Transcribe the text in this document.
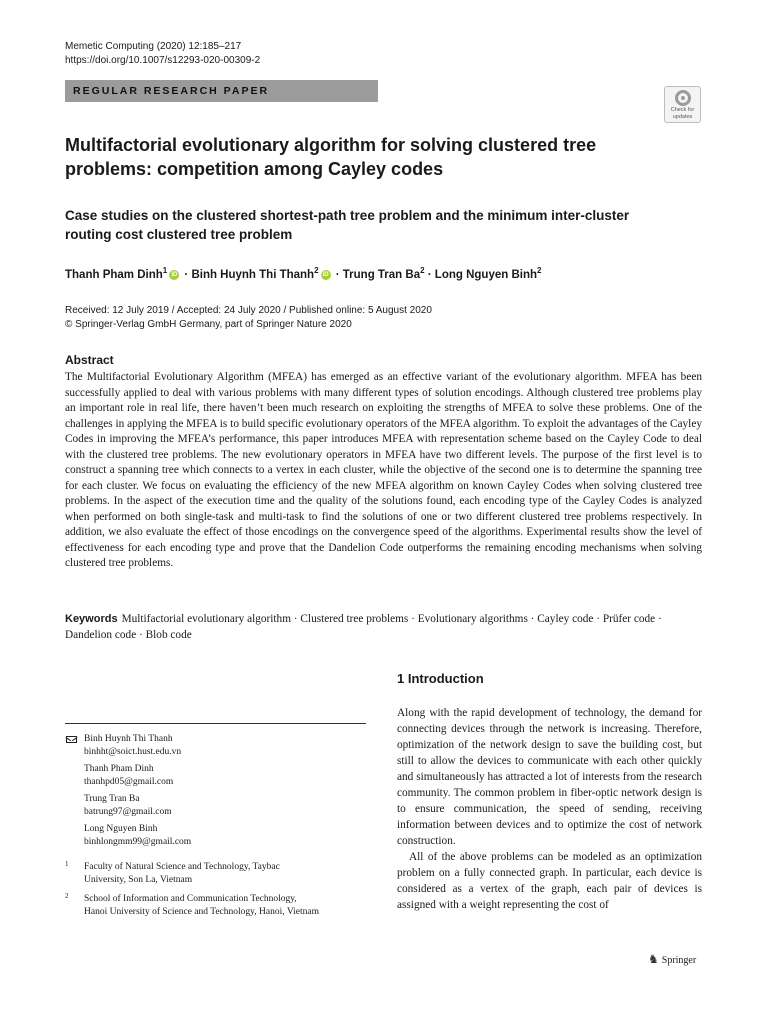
Memetic Computing (2020) 12:185–217
https://doi.org/10.1007/s12293-020-00309-2
REGULAR RESEARCH PAPER
Check for
updates
Multifactorial evolutionary algorithm for solving clustered tree
problems: competition among Cayley codes
Case studies on the clustered shortest-path tree problem and the minimum inter-cluster
routing cost clustered tree problem
Thanh Pham Dinh$^1$ iD · Binh Huynh Thi Thanh$^2$ iD · Trung Tran $Ba^2$ · Long Nguyen Binh$^2$
Received: 12 July 2019 / Accepted: 24 July 2020 / Published online: 5 August 2020
© Springer-Verlag GmbH Germany, part of Springer Nature 2020
Abstract

The Multifactorial Evolutionary Algorithm (MFEA) has emerged as an effective variant of the evolutionary algorithm. MFEA has been successfully applied to deal with various problems with many different types of solution encodings. Although clustered tree problems play an important role in real life, there haven’t been much research on exploiting the strengths of MFEA to solve these problems. One of the challenges in applying the MFEA is to build specific evolutionary operators of the MFEA algorithm. To exploit the advantages of the Cayley Codes in improving the MFEA’s performance, this paper introduces MFEA with representation scheme based on the Cayley Code to deal with the clustered tree problems. The new evolutionary operators in MFEA have two different levels. The purpose of the first level is to construct a spanning tree which connects to a vertex in each cluster, while the objective of the second one is to determine the spanning tree for each cluster. We focus on evaluating the efficiency of the new MFEA algorithm on known Cayley Codes when solving clustered tree problems. In the aspect of the execution time and the quality of the solutions found, each encoding type of the Cayley Codes is analyzed when performed on both single-task and multi-task to find the solutions of one or two different clustered tree problems respectively. In addition, we also evaluate the effect of those encodings on the convergence speed of the algorithms. Experimental results show the level of effectiveness for each encoding type and prove that the Dandelion Code outperforms the remaining encoding mechanisms when solving clustered tree problems.

Keywords Multifactorial evolutionary algorithm · Clustered tree problems · Evolutionary algorithms · Cayley code · Prüfer code · Dandelion code · Blob code
Binh Huynh Thi Thanh
binhht@soict.hust.edu.vn
Thanh Pham Dinh
thanhpd05@gmail.com
Trung Tran Ba
batrung97@gmail.com
Long Nguyen Binh
binhlongmm99@gmail.com
1 Faculty of Natural Science and Technology, Taybac
University, Son La, Vietnam
2 School of Information and Communication Technology,
Hanoi University of Science and Technology, Hanoi, Vietnam
1 Introduction

Along with the rapid development of technology, the demand for connecting devices through the network is increasing. Therefore, optimization of the network design to save the building cost, but still to allow the devices to communicate with each other quickly and simultaneously has attracted a lot of interests from the research community. The common problem in fiber-optic network design is to ensure communication, the speed of sending, receiving information between devices and to optimize the cost of network construction.

All of the above problems can be modeled as an optimization problem on a fully connected graph. In particular, each device is considered as a vertex of the graph, each pair of devices is assigned with a weight representing the cost of

♞ Springer
